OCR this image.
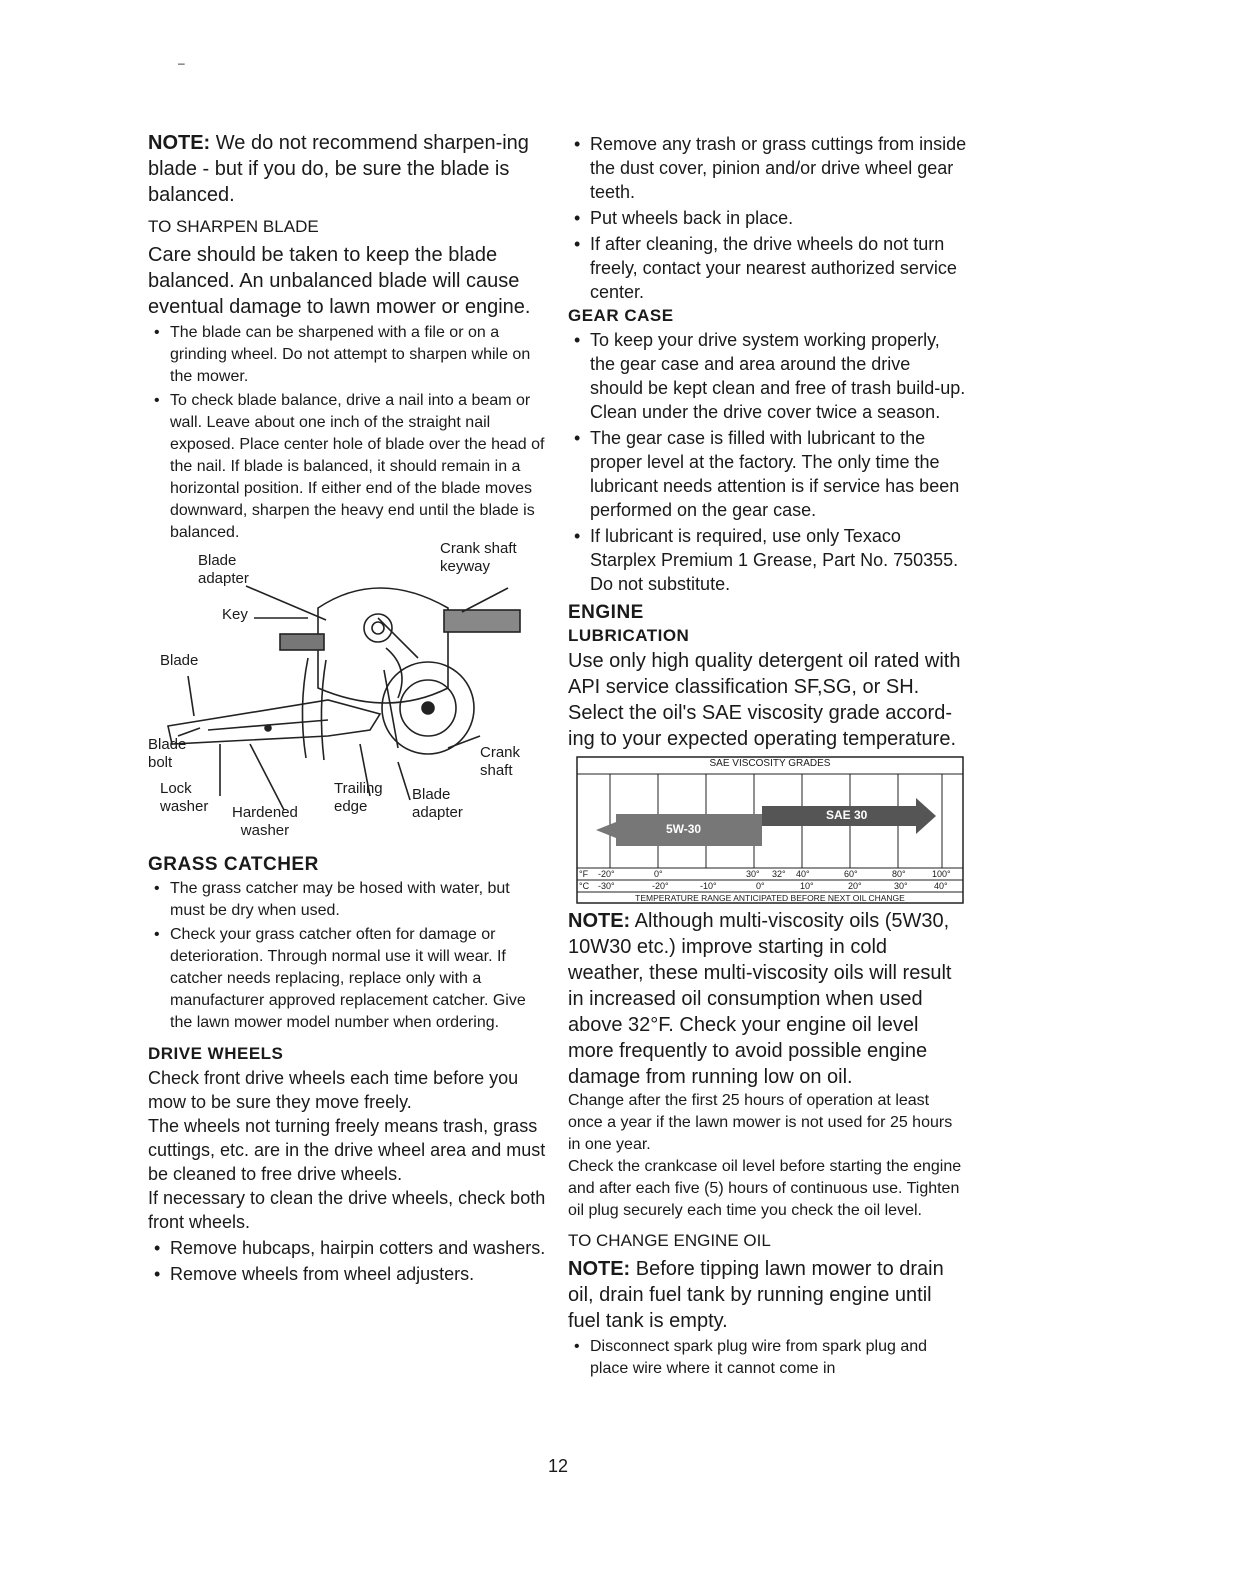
–

NOTE: We do not recommend sharpen-ing blade - but if you do, be sure the blade is balanced.

TO SHARPEN BLADE

Care should be taken to keep the blade balanced. An unbalanced blade will cause eventual damage to lawn mower or engine.

• The blade can be sharpened with a file or on a grinding wheel. Do not attempt to sharpen while on the mower.
• To check blade balance, drive a nail into a beam or wall. Leave about one inch of the straight nail exposed. Place center hole of blade over the head of the nail. If blade is balanced, it should remain in a horizontal position. If either end of the blade moves downward, sharpen the heavy end until the blade is balanced.
Blade
adapter
Crank shaft
keyway
Key
Blade
Blade
bolt
Crank
shaft
Lock
washer
Trailing
edge
Blade
adapter
Hardened
washer

GRASS CATCHER

• The grass catcher may be hosed with water, but must be dry when used.
• Check your grass catcher often for damage or deterioration. Through normal use it will wear. If catcher needs replacing, replace only with a manufacturer approved replacement catcher. Give the lawn mower model number when ordering.

DRIVE WHEELS

Check front drive wheels each time before you mow to be sure they move freely.

The wheels not turning freely means trash, grass cuttings, etc. are in the drive wheel area and must be cleaned to free drive wheels.

If necessary to clean the drive wheels, check both front wheels.

• Remove hubcaps, hairpin cotters and washers.
• Remove wheels from wheel adjusters.
• Remove any trash or grass cuttings from inside the dust cover, pinion and/or drive wheel gear teeth.
• Put wheels back in place.
• If after cleaning, the drive wheels do not turn freely, contact your nearest authorized service center.

GEAR CASE

• To keep your drive system working properly, the gear case and area around the drive should be kept clean and free of trash build-up. Clean under the drive cover twice a season.
• The gear case is filled with lubricant to the proper level at the factory. The only time the lubricant needs attention is if service has been performed on the gear case.
• If lubricant is required, use only Texaco Starplex Premium 1 Grease, Part No. 750355. Do not substitute.

ENGINE

LUBRICATION

Use only high quality detergent oil rated with API service classification SF,SG, or SH. Select the oil's SAE viscosity grade accord-ing to your expected operating temperature.

SAE VISCOSITY GRADES
SAE 30
5W-30
°F -20°	0°	30° 32° 40°	60°	80°	100°
°C -30°	-20°	-10°	0°	10°	20°	30°	40°
TEMPERATURE RANGE ANTICIPATED BEFORE NEXT OIL CHANGE

NOTE: Although multi-viscosity oils (5W30, 10W30 etc.) improve starting in cold weather, these multi-viscosity oils will result in increased oil consumption when used above 32°F. Check your engine oil level more frequently to avoid possible engine damage from running low on oil.

Change after the first 25 hours of operation at least once a year if the lawn mower is not used for 25 hours in one year.

Check the crankcase oil level before starting the engine and after each five (5) hours of continuous use. Tighten oil plug securely each time you check the oil level.

TO CHANGE ENGINE OIL

NOTE: Before tipping lawn mower to drain oil, drain fuel tank by running engine until fuel tank is empty.

• Disconnect spark plug wire from spark plug and place wire where it cannot come in
12
